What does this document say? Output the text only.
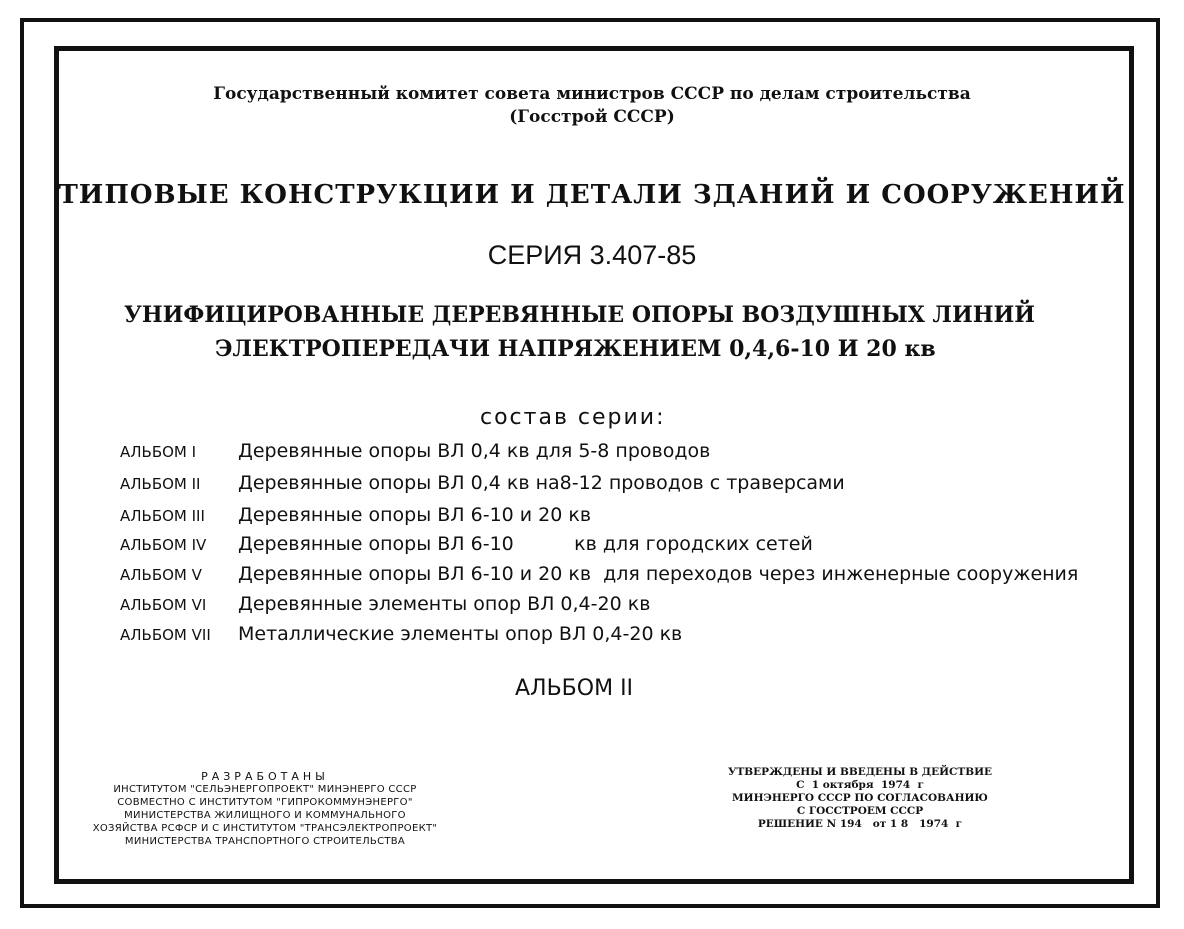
Государственный комитет совета министров СССР по делам строительства
(Госстрой СССР)
ТИПОВЫЕ КОНСТРУКЦИИ И ДЕТАЛИ ЗДАНИЙ И СООРУЖЕНИЙ
СЕРИЯ 3.407-85
УНИФИЦИРОВАННЫЕ ДЕРЕВЯННЫЕ ОПОРЫ ВОЗДУШНЫХ ЛИНИЙ
ЭЛЕКТРОПЕРЕДАЧИ НАПРЯЖЕНИЕМ 0,4,6-10 И 20 кв
состав серии:
АЛЬБОМ I Деревянные опоры ВЛ 0,4 кв для 5-8 проводов
АЛЬБОМ II Деревянные опоры ВЛ 0,4 кв на8-12 проводов с траверсами
АЛЬБОМ III Деревянные опоры ВЛ 6-10 и 20 кв
АЛЬБОМ IV Деревянные опоры ВЛ 6-10          кв для городских сетей
АЛЬБОМ V Деревянные опоры ВЛ 6-10 и 20 кв  для переходов через инженерные сооружения
АЛЬБОМ VI Деревянные элементы опор ВЛ 0,4-20 кв
АЛЬБОМ VII Металлические элементы опор ВЛ 0,4-20 кв
АЛЬБОМ II
РАЗРАБОТАНЫ
ИНСТИТУТОМ "СЕЛЬЭНЕРГОПРОЕКТ" МИНЭНЕРГО СССР
СОВМЕСТНО С ИНСТИТУТОМ "ГИПРОКОММУНЭНЕРГО"
МИНИСТЕРСТВА ЖИЛИЩНОГО И КОММУНАЛЬНОГО
ХОЗЯЙСТВА РСФСР И С ИНСТИТУТОМ "ТРАНСЭЛЕКТРОПРОЕКТ"
МИНИСТЕРСТВА ТРАНСПОРТНОГО СТРОИТЕЛЬСТВА
УТВЕРЖДЕНЫ И ВВЕДЕНЫ В ДЕЙСТВИЕ
С  1 октября  1974  г
МИНЭНЕРГО СССР ПО СОГЛАСОВАНИЮ
С ГОССТРОЕМ СССР
РЕШЕНИЕ N 194   от 1 8   1974  г
